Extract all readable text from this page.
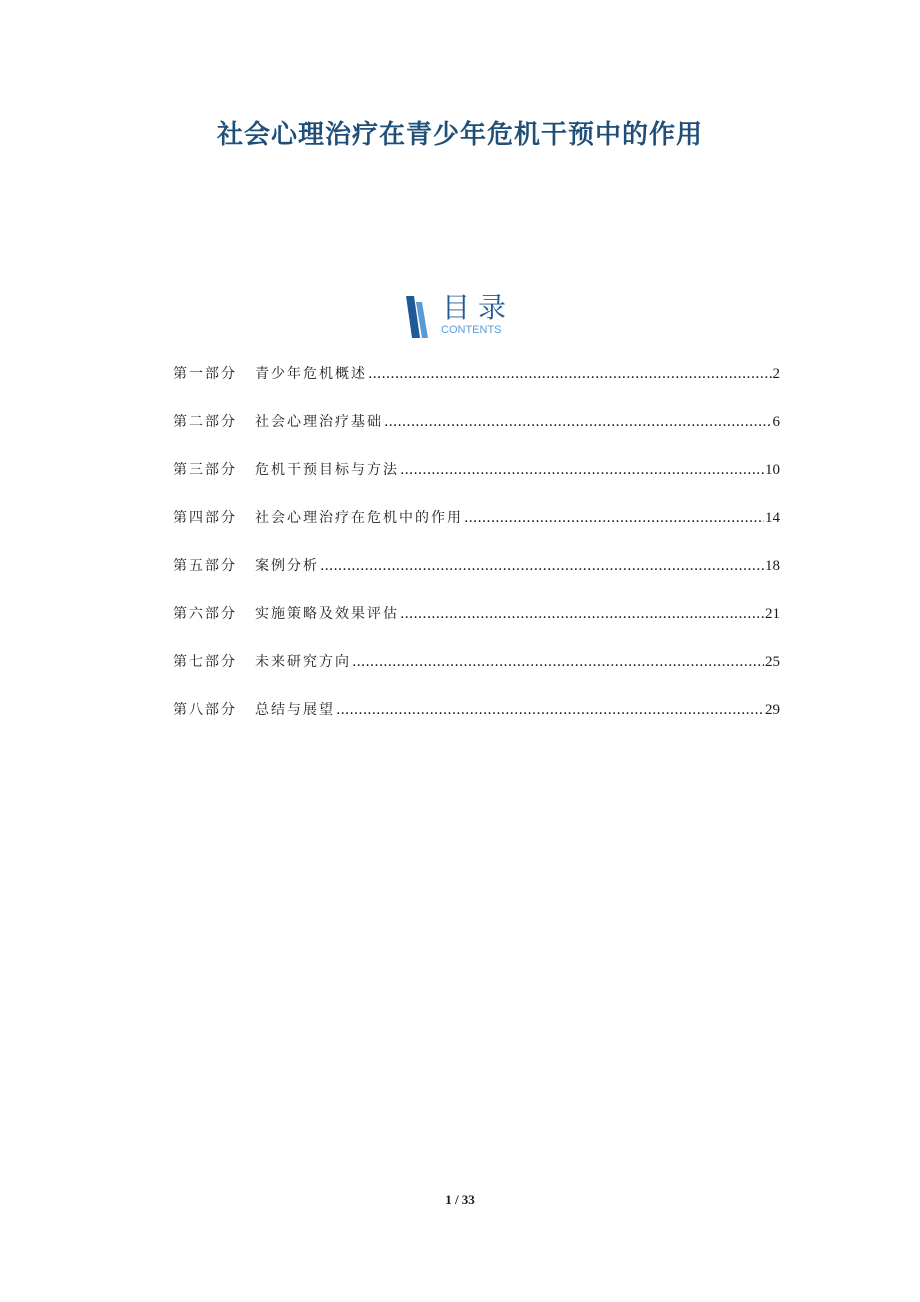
社会心理治疗在青少年危机干预中的作用
目录
CONTENTS
第一部分	青少年危机概述 .....	2
第二部分	社会心理治疗基础 .....	6
第三部分	危机干预目标与方法 .....	10
第四部分	社会心理治疗在危机中的作用 .....	14
第五部分	案例分析 .....	18
第六部分	实施策略及效果评估 .....	21
第七部分	未来研究方向 .....	25
第八部分	总结与展望 .....	29
1 / 33
